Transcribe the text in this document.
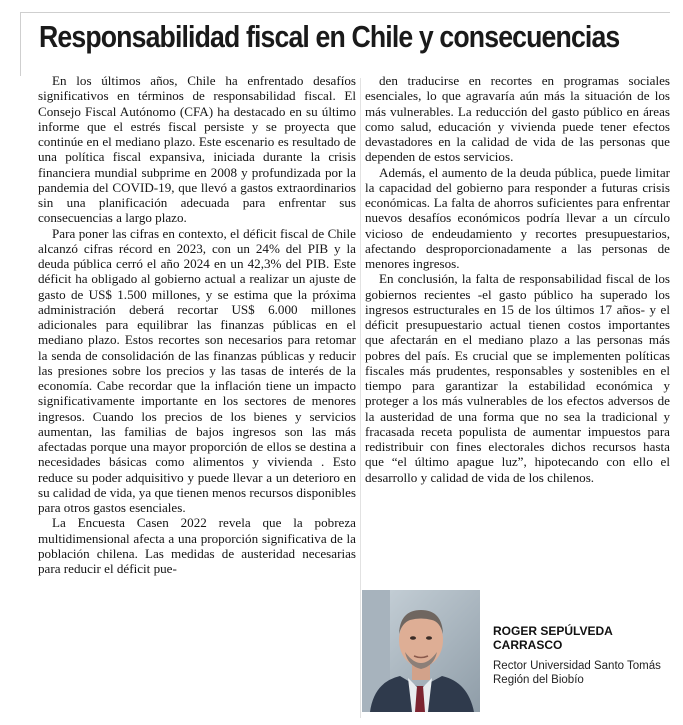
Responsabilidad fiscal en Chile y consecuencias

En los últimos años, Chile ha enfrentado desafíos significativos en términos de responsabilidad fiscal. El Consejo Fiscal Autónomo (CFA) ha destacado en su último informe que el estrés fiscal persiste y se proyecta que continúe en el mediano plazo. Este escenario es resultado de una política fiscal expansiva, iniciada durante la crisis financiera mundial subprime en 2008 y profundizada por la pandemia del COVID-19, que llevó a gastos extraordinarios sin una planificación adecuada para enfrentar sus consecuencias a largo plazo.

Para poner las cifras en contexto, el déficit fiscal de Chile alcanzó cifras récord en 2023, con un 24% del PIB y la deuda pública cerró el año 2024 en un 42,3% del PIB. Este déficit ha obligado al gobierno actual a realizar un ajuste de gasto de US$ 1.500 millones, y se estima que la próxima administración deberá recortar US$ 6.000 millones adicionales para equilibrar las finanzas públicas en el mediano plazo. Estos recortes son necesarios para retomar la senda de consolidación de las finanzas públicas y reducir las presiones sobre los precios y las tasas de interés de la economía. Cabe recordar que la inflación tiene un impacto significativamente importante en los sectores de menores ingresos. Cuando los precios de los bienes y servicios aumentan, las familias de bajos ingresos son las más afectadas porque una mayor proporción de ellos se destina a necesidades básicas como alimentos y vivienda . Esto reduce su poder adquisitivo y puede llevar a un deterioro en su calidad de vida, ya que tienen menos recursos disponibles para otros gastos esenciales.

La Encuesta Casen 2022 revela que la pobreza multidimensional afecta a una proporción significativa de la población chilena. Las medidas de austeridad necesarias para reducir el déficit pue-

den traducirse en recortes en programas sociales esenciales, lo que agravaría aún más la situación de los más vulnerables. La reducción del gasto público en áreas como salud, educación y vivienda puede tener efectos devastadores en la calidad de vida de las personas que dependen de estos servicios.

Además, el aumento de la deuda pública, puede limitar la capacidad del gobierno para responder a futuras crisis económicas. La falta de ahorros suficientes para enfrentar nuevos desafíos económicos podría llevar a un círculo vicioso de endeudamiento y recortes presupuestarios, afectando desproporcionadamente a las personas de menores ingresos.

En conclusión, la falta de responsabilidad fiscal de los gobiernos recientes -el gasto público ha superado los ingresos estructurales en 15 de los últimos 17 años- y el déficit presupuestario actual tienen costos importantes que afectarán en el mediano plazo a las personas más pobres del país. Es crucial que se implementen políticas fiscales más prudentes, responsables y sostenibles en el tiempo para garantizar la estabilidad económica y proteger a los más vulnerables de los efectos adversos de la austeridad de una forma que no sea la tradicional y fracasada receta populista de aumentar impuestos para redistribuir con fines electorales dichos recursos hasta que “el último apague luz”, hipotecando con ello el desarrollo y calidad de vida de los chilenos.

ROGER SEPÚLVEDA CARRASCO
Rector Universidad Santo Tomás
Región del Biobío
